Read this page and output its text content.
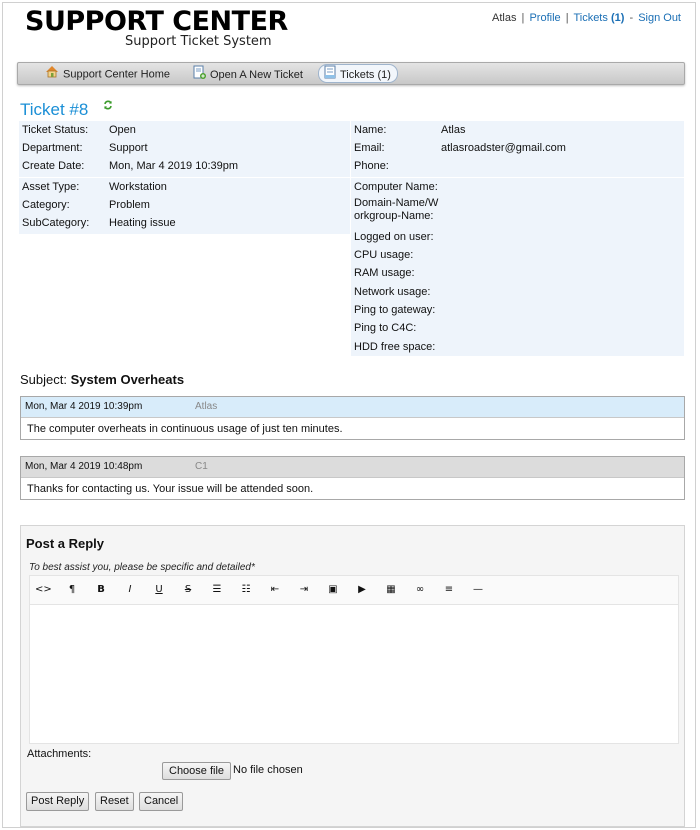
SUPPORT CENTER
Support Ticket System
Atlas | Profile | Tickets (1) - Sign Out
Support Center Home	Open A New Ticket	Tickets (1)
Ticket #8
Ticket Status: Open
Department: Support
Create Date: Mon, Mar 4 2019 10:39pm
Asset Type:	Workstation
Category:	Problem
SubCategory: Heating issue
Name:	Atlas
Email:	atlasroadster@gmail.com
Phone:
Computer Name:
Domain-Name/W
orkgroup-Name:
Logged on user:
CPU usage:
RAM usage:
Network usage:
Ping to gateway:
Ping to C4C:
HDD free space:
Subject: System Overheats
Mon, Mar 4 2019 10:39pm	Atlas
The computer overheats in continuous usage of just ten minutes.
Mon, Mar 4 2019 10:48pm	C1
Thanks for contacting us. Your issue will be attended soon.
Post a Reply
To best assist you, please be specific and detailed*
<>	¶	B	I	U	S	☰	☷	⇤	⇥	▣	▶	▦	∞	≡	—
Attachments:
Choose file No file chosen
Post Reply	Reset	Cancel
